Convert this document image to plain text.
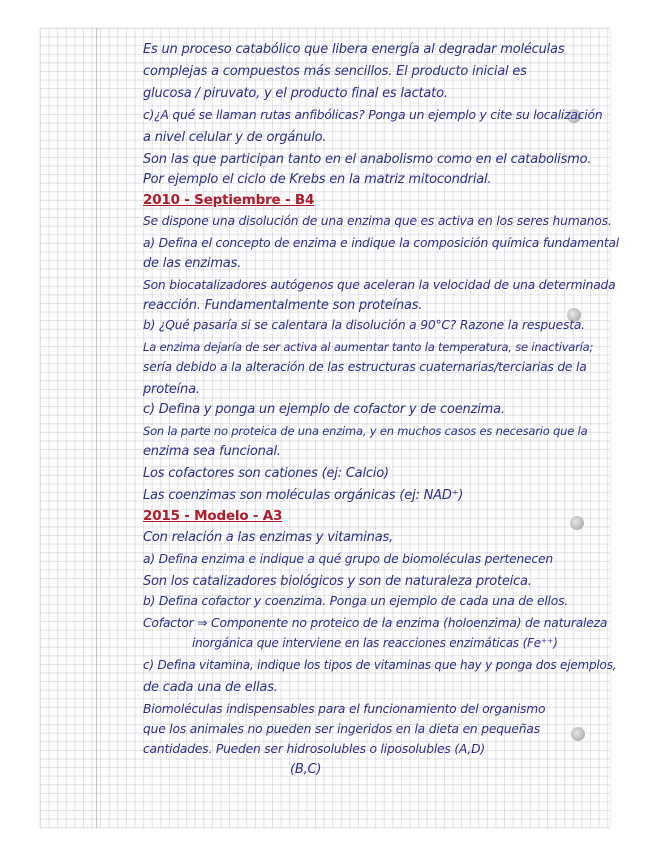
Es un proceso catabólico que libera energía al degradar moléculas
complejas a compuestos más sencillos. El producto inicial es
glucosa / piruvato, y el producto final es lactato.
c)¿A qué se llaman rutas anfibólicas? Ponga un ejemplo y cite su localización
a nivel celular y de orgánulo.
Son las que participan tanto en el anabolismo como en el catabolismo.
Por ejemplo el ciclo de Krebs en la matriz mitocondrial.
2010 - Septiembre - B4
Se dispone una disolución de una enzima que es activa en los seres humanos.
a) Defina el concepto de enzima e indique la composición química fundamental
de las enzimas.
Son biocatalizadores autógenos que aceleran la velocidad de una determinada
reacción. Fundamentalmente son proteínas.
b) ¿Qué pasaría si se calentara la disolución a 90°C? Razone la respuesta.
La enzima dejaría de ser activa al aumentar tanto la temperatura, se inactivaría;
sería debido a la alteración de las estructuras cuaternarias/terciarias de la
proteína.
c) Defina y ponga un ejemplo de cofactor y de coenzima.
Son la parte no proteica de una enzima, y en muchos casos es necesario que la
enzima sea funcional.
Los cofactores son cationes (ej: Calcio)
Las coenzimas son moléculas orgánicas (ej: NAD⁺)
2015 - Modelo - A3
Con relación a las enzimas y vitaminas,
a) Defina enzima e indique a qué grupo de biomoléculas pertenecen
Son los catalizadores biológicos y son de naturaleza proteica.
b) Defina cofactor y coenzima. Ponga un ejemplo de cada una de ellos.
Cofactor ⇒ Componente no proteico de la enzima (holoenzima) de naturaleza
inorgánica que interviene en las reacciones enzimáticas (Fe⁺⁺)
c) Defina vitamina, indique los tipos de vitaminas que hay y ponga dos ejemplos,
de cada una de ellas.
Biomoléculas indispensables para el funcionamiento del organismo
que los animales no pueden ser ingeridos en la dieta en pequeñas
cantidades. Pueden ser hidrosolubles o liposolubles (A,D)
(B,C)
